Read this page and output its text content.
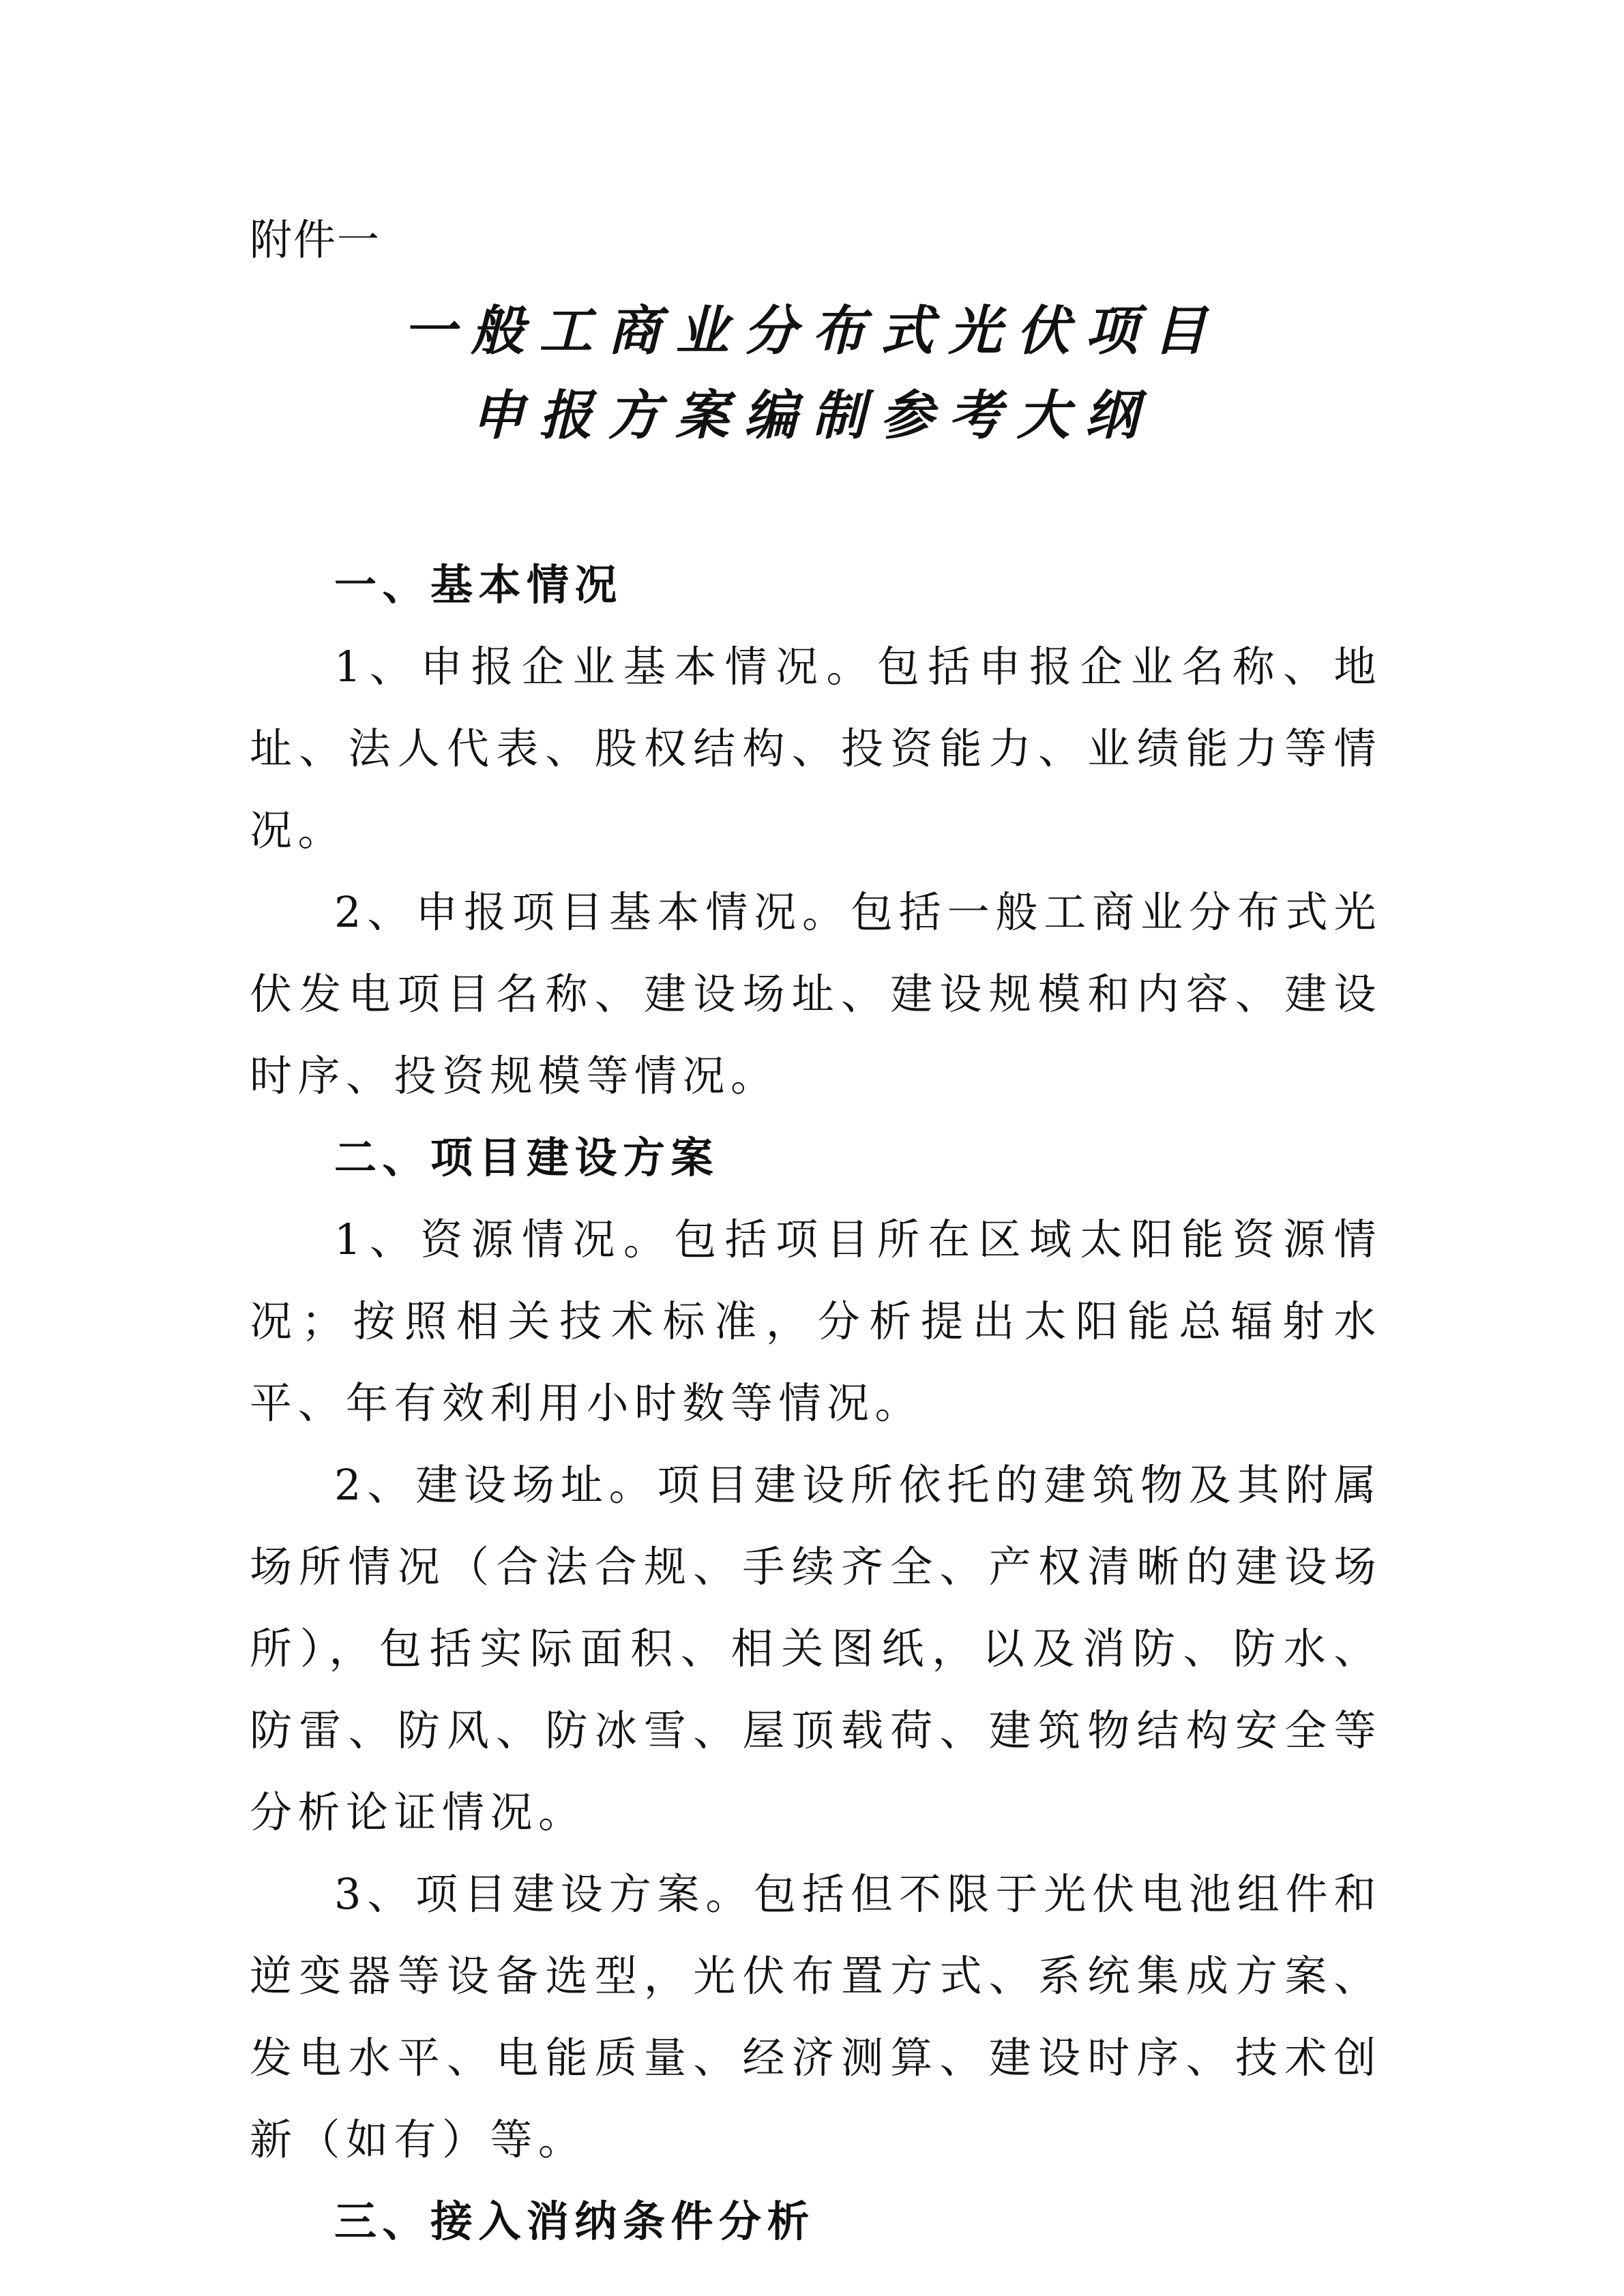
附件一
一般工商业分布式光伏项目
申报方案编制参考大纲

一、基本情况

1、申报企业基本情况。包括申报企业名称、地址、法人代表、股权结构、投资能力、业绩能力等情况。

2、申报项目基本情况。包括一般工商业分布式光伏发电项目名称、建设场址、建设规模和内容、建设时序、投资规模等情况。

二、项目建设方案

1、资源情况。包括项目所在区域太阳能资源情况；按照相关技术标准，分析提出太阳能总辐射水平、年有效利用小时数等情况。

2、建设场址。项目建设所依托的建筑物及其附属场所情况（合法合规、手续齐全、产权清晰的建设场所），包括实际面积、相关图纸，以及消防、防水、防雷、防风、防冰雪、屋顶载荷、建筑物结构安全等分析论证情况。

3、项目建设方案。包括但不限于光伏电池组件和逆变器等设备选型，光伏布置方式、系统集成方案、发电水平、电能质量、经济测算、建设时序、技术创新（如有）等。

三、接入消纳条件分析
